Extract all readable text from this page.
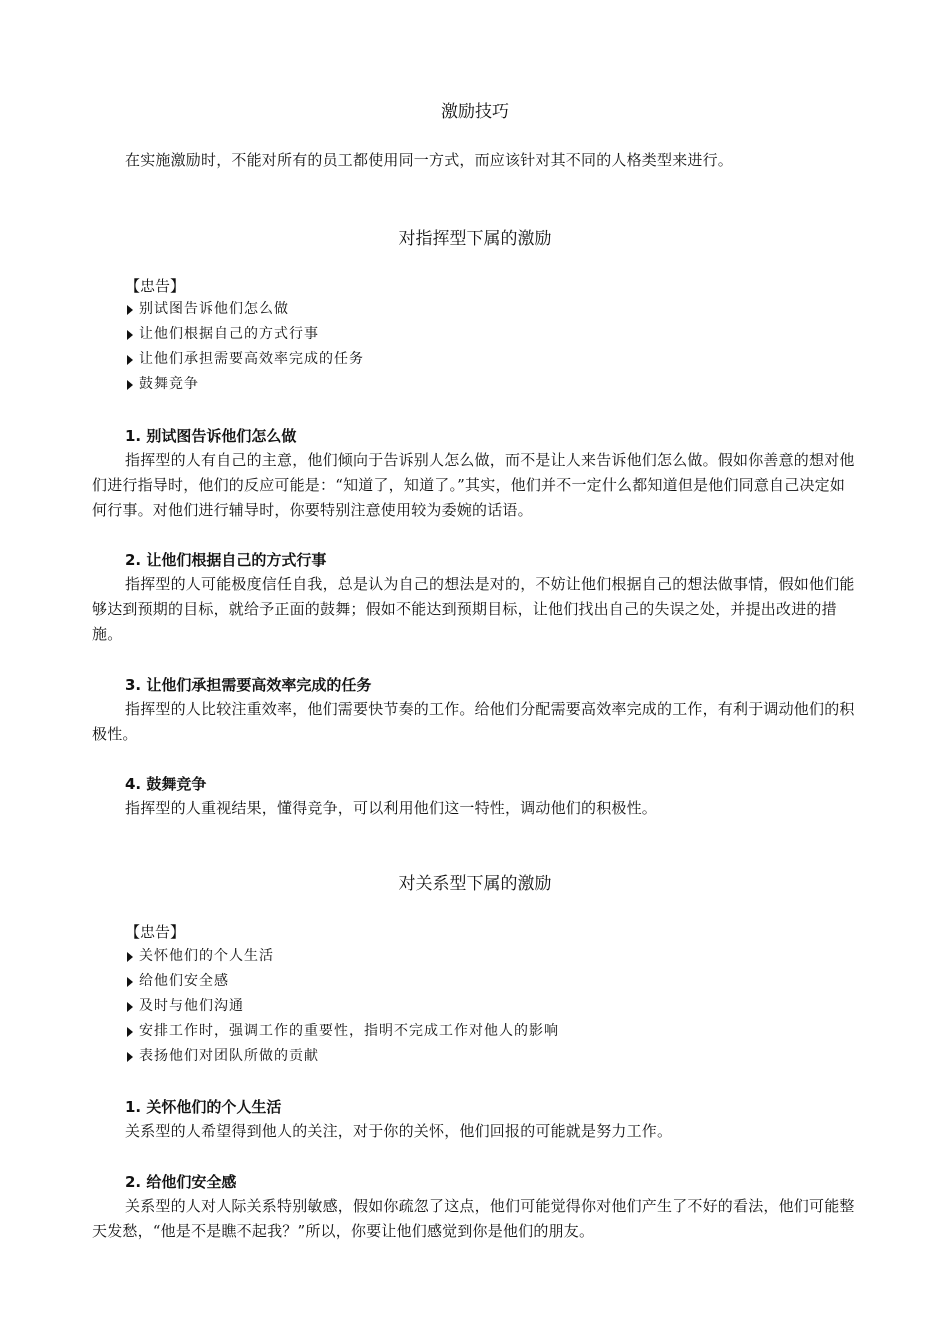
激励技巧
在实施激励时，不能对所有的员工都使用同一方式，而应该针对其不同的人格类型来进行。
对指挥型下属的激励
【忠告】
别试图告诉他们怎么做
让他们根据自己的方式行事
让他们承担需要高效率完成的任务
鼓舞竞争
1. 别试图告诉他们怎么做
指挥型的人有自己的主意，他们倾向于告诉别人怎么做，而不是让人来告诉他们怎么做。假如你善意的想对他们进行指导时，他们的反应可能是：“知道了，知道了。”其实，他们并不一定什么都知道但是他们同意自己决定如何行事。对他们进行辅导时，你要特别注意使用较为委婉的话语。
2. 让他们根据自己的方式行事
指挥型的人可能极度信任自我，总是认为自己的想法是对的，不妨让他们根据自己的想法做事情，假如他们能够达到预期的目标，就给予正面的鼓舞；假如不能达到预期目标，让他们找出自己的失误之处，并提出改进的措施。
3. 让他们承担需要高效率完成的任务
指挥型的人比较注重效率，他们需要快节奏的工作。给他们分配需要高效率完成的工作，有利于调动他们的积极性。
4. 鼓舞竞争
指挥型的人重视结果，懂得竞争，可以利用他们这一特性，调动他们的积极性。
对关系型下属的激励
【忠告】
关怀他们的个人生活
给他们安全感
及时与他们沟通
安排工作时，强调工作的重要性，指明不完成工作对他人的影响
表扬他们对团队所做的贡献
1. 关怀他们的个人生活
关系型的人希望得到他人的关注，对于你的关怀，他们回报的可能就是努力工作。
2. 给他们安全感
关系型的人对人际关系特别敏感，假如你疏忽了这点，他们可能觉得你对他们产生了不好的看法，他们可能整天发愁，“他是不是瞧不起我？”所以，你要让他们感觉到你是他们的朋友。
